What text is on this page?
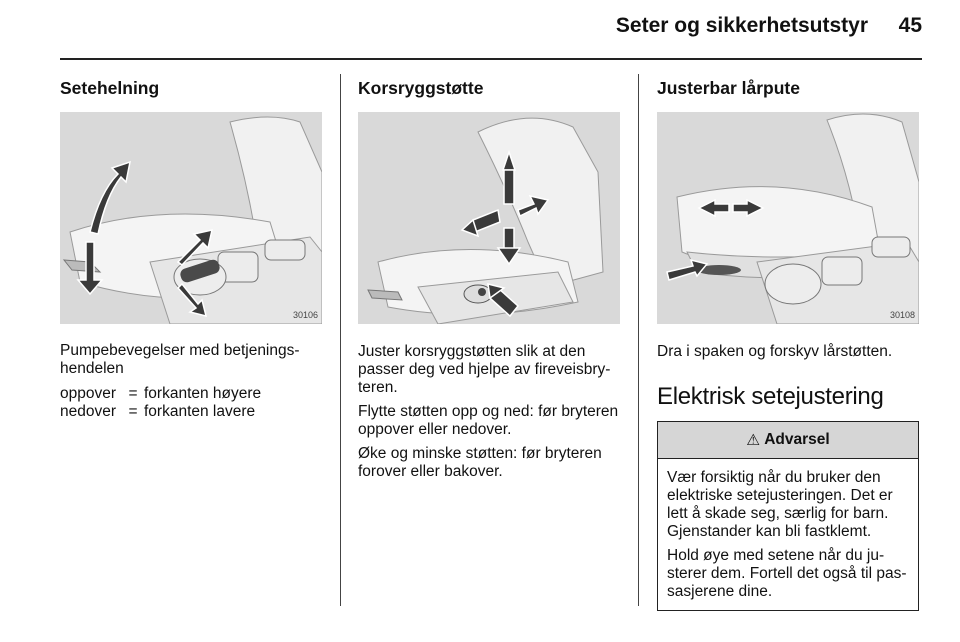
Seter og sikkerhetsutstyr	45
Setehelning
30106

Pumpebevegelser med betjenings-hendelen

oppover	=	forkanten høyere
nedover	=	forkanten lavere
Korsryggstøtte

Juster korsryggstøtten slik at den passer deg ved hjelpe av fireveisbry-teren.

Flytte støtten opp og ned: før bryteren oppover eller nedover.

Øke og minske støtten: før bryteren forover eller bakover.

Justerbar lårpute
30108

Dra i spaken og forskyv lårstøtten.

Elektrisk setejustering
⚠ Advarsel

Vær forsiktig når du bruker den elektriske setejusteringen. Det er lett å skade seg, særlig for barn. Gjenstander kan bli fastklemt.

Hold øye med setene når du ju-sterer dem. Fortell det også til pas-sasjerene dine.
